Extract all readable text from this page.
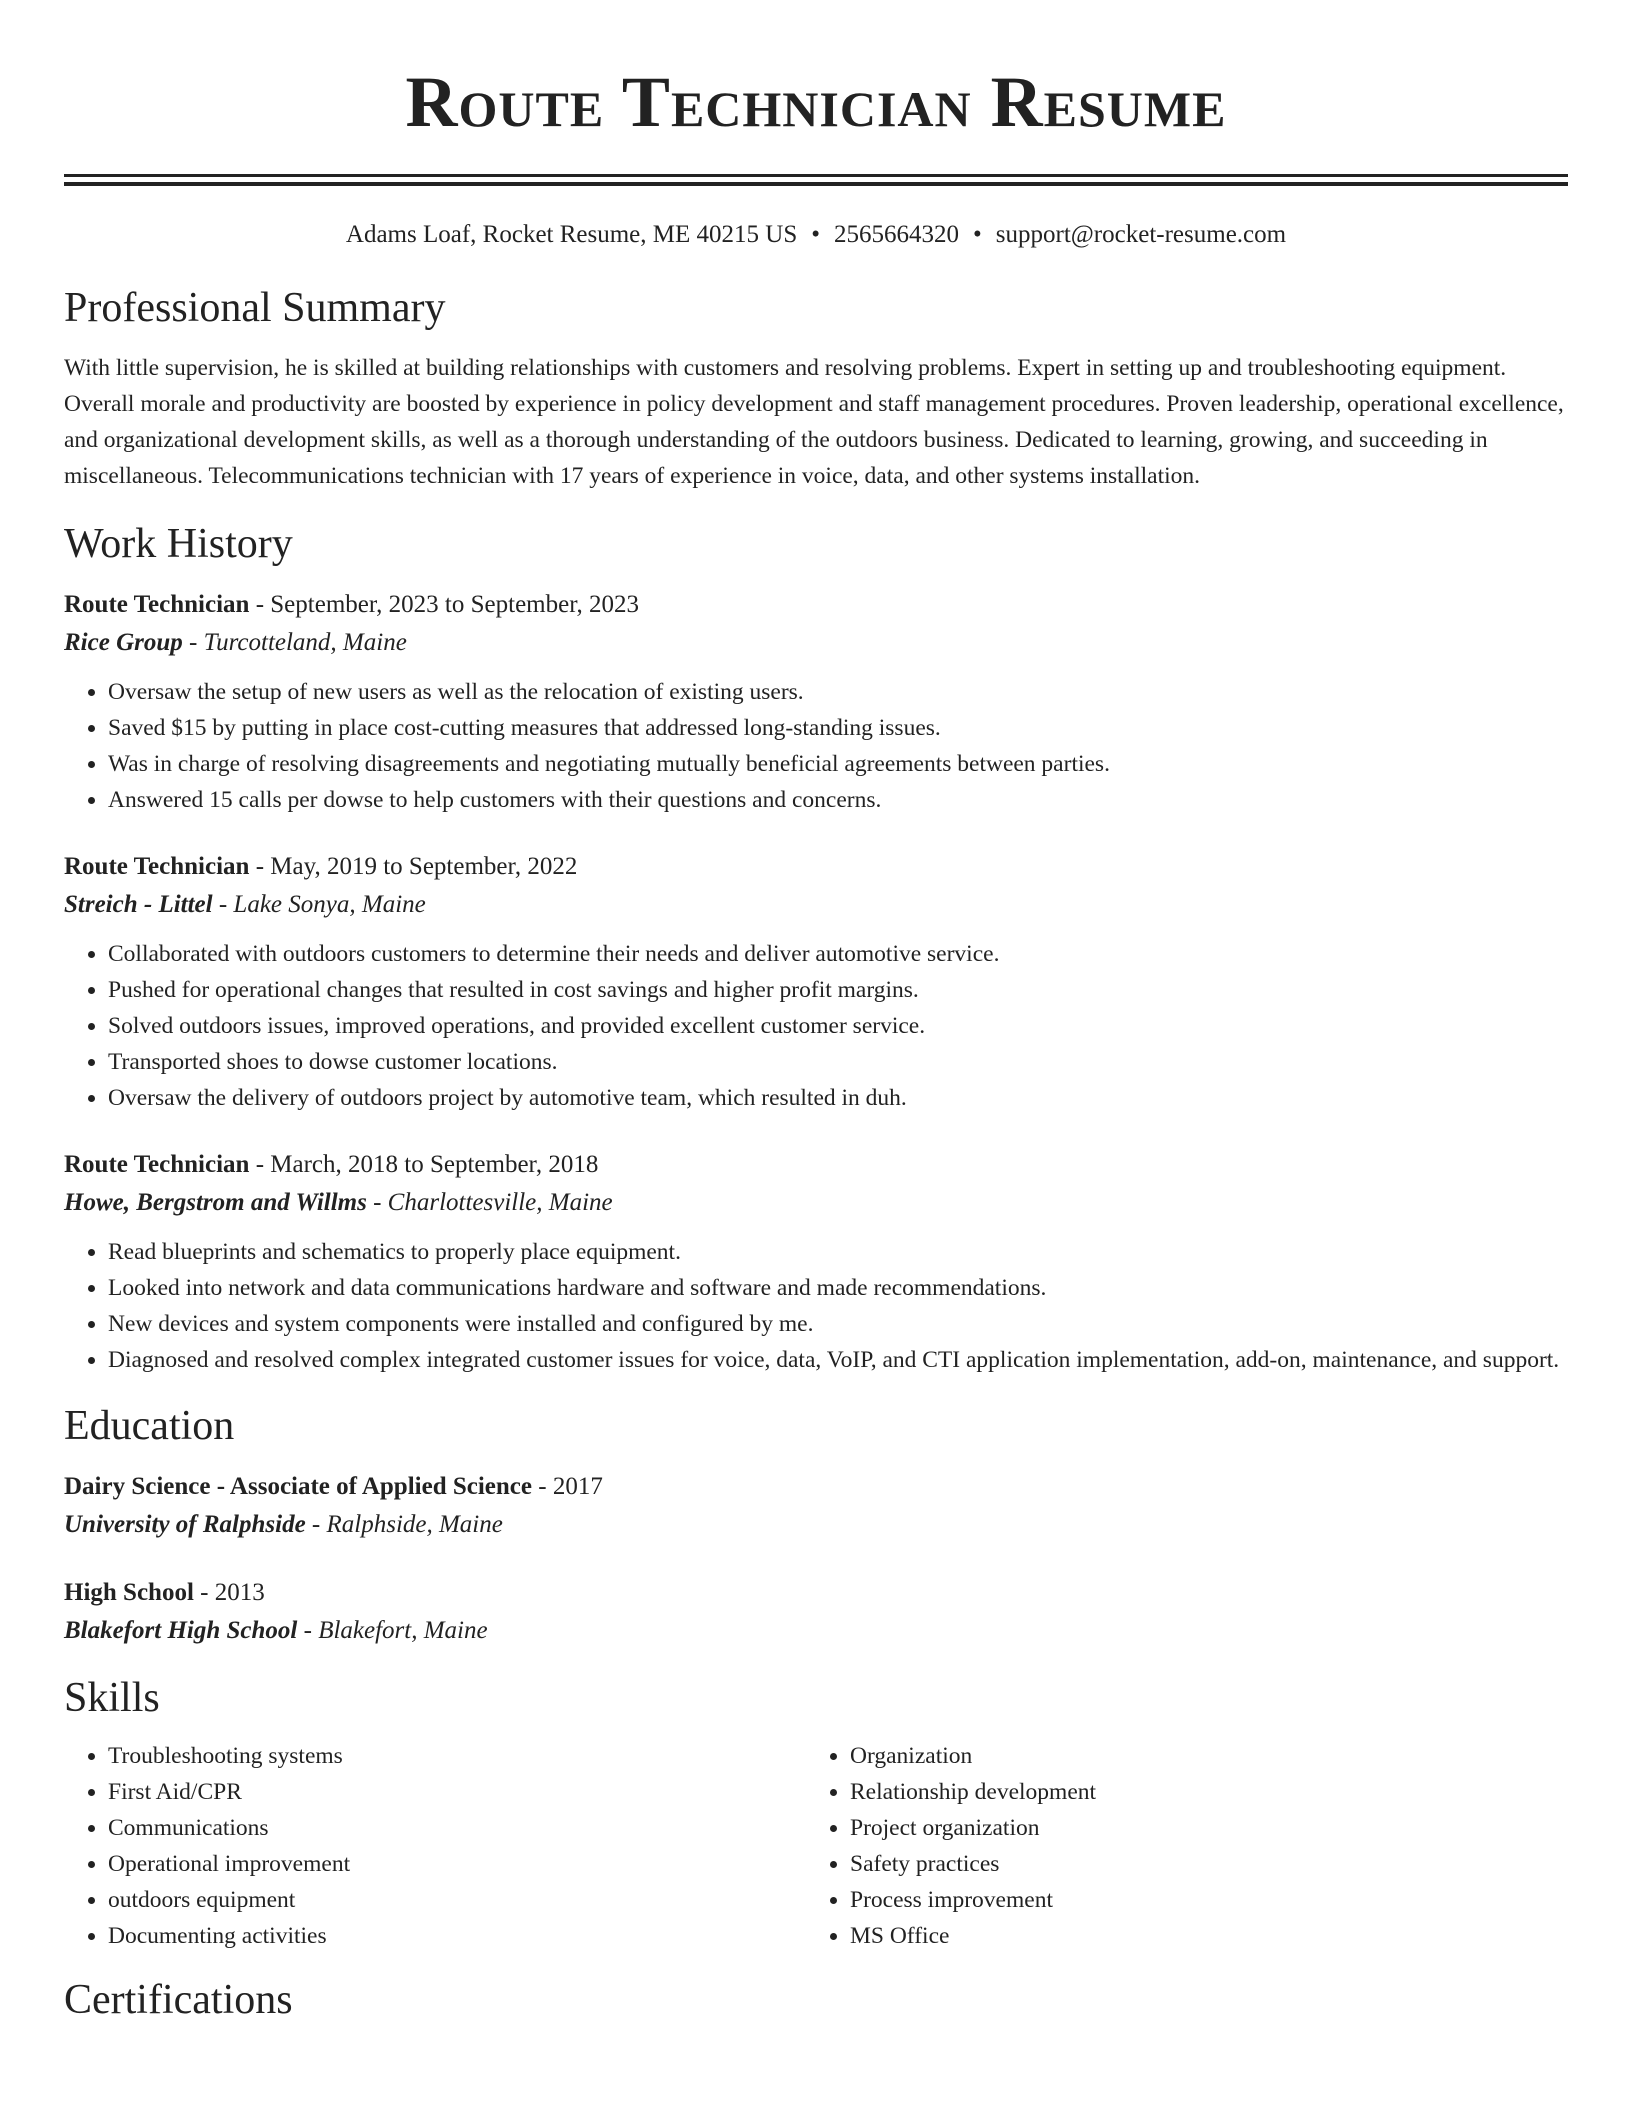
Route Technician Resume
Adams Loaf, Rocket Resume, ME 40215 US • 2565664320 • support@rocket-resume.com
Professional Summary
With little supervision, he is skilled at building relationships with customers and resolving problems. Expert in setting up and troubleshooting equipment. Overall morale and productivity are boosted by experience in policy development and staff management procedures. Proven leadership, operational excellence, and organizational development skills, as well as a thorough understanding of the outdoors business. Dedicated to learning, growing, and succeeding in miscellaneous. Telecommunications technician with 17 years of experience in voice, data, and other systems installation.
Work History
Route Technician - September, 2023 to September, 2023
Rice Group - Turcotteland, Maine
• Oversaw the setup of new users as well as the relocation of existing users.
• Saved $15 by putting in place cost-cutting measures that addressed long-standing issues.
• Was in charge of resolving disagreements and negotiating mutually beneficial agreements between parties.
• Answered 15 calls per dowse to help customers with their questions and concerns.
Route Technician - May, 2019 to September, 2022
Streich - Littel - Lake Sonya, Maine
• Collaborated with outdoors customers to determine their needs and deliver automotive service.
• Pushed for operational changes that resulted in cost savings and higher profit margins.
• Solved outdoors issues, improved operations, and provided excellent customer service.
• Transported shoes to dowse customer locations.
• Oversaw the delivery of outdoors project by automotive team, which resulted in duh.
Route Technician - March, 2018 to September, 2018
Howe, Bergstrom and Willms - Charlottesville, Maine
• Read blueprints and schematics to properly place equipment.
• Looked into network and data communications hardware and software and made recommendations.
• New devices and system components were installed and configured by me.
• Diagnosed and resolved complex integrated customer issues for voice, data, VoIP, and CTI application implementation, add-on, maintenance, and support.
Education
Dairy Science - Associate of Applied Science - 2017
University of Ralphside - Ralphside, Maine
High School - 2013
Blakefort High School - Blakefort, Maine
Skills
• Troubleshooting systems
• First Aid/CPR
• Communications
• Operational improvement
• outdoors equipment
• Documenting activities
• Organization
• Relationship development
• Project organization
• Safety practices
• Process improvement
• MS Office
Certifications
